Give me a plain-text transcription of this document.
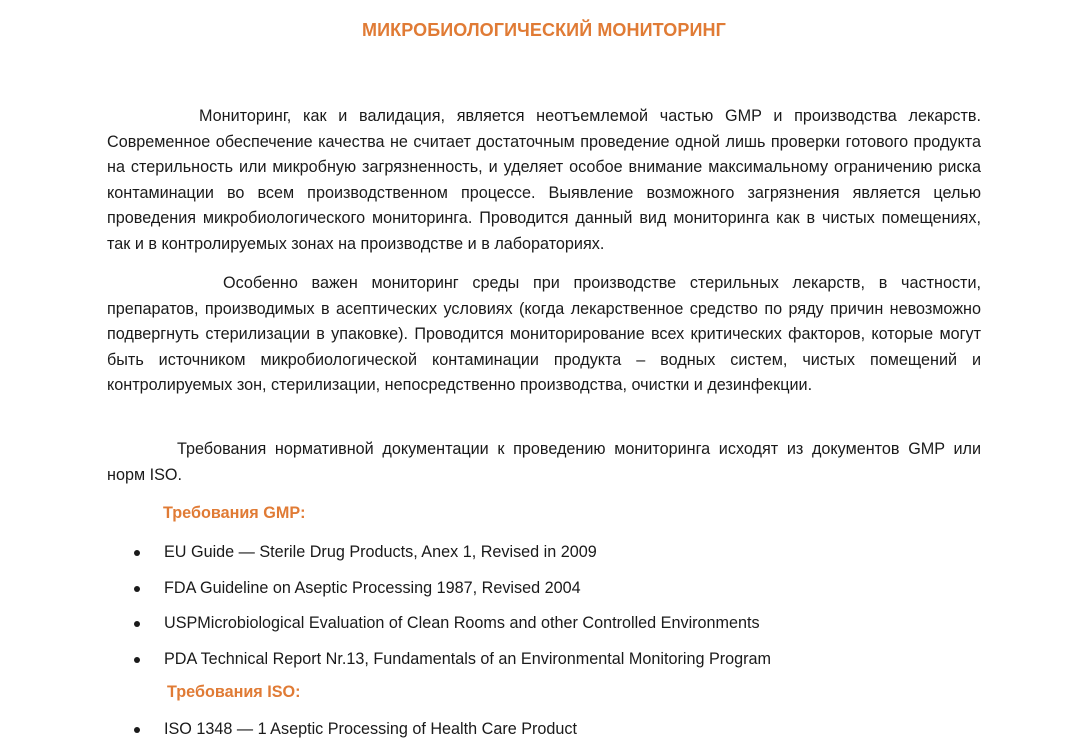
МИКРОБИОЛОГИЧЕСКИЙ МОНИТОРИНГ

Мониторинг, как и валидация, является неотъемлемой частью GMP и производства лекарств. Современное обеспечение качества не считает достаточным проведение одной лишь проверки готового продукта на стерильность или микробную загрязненность, и уделяет особое внимание максимальному ограничению риска контаминации во всем производственном процессе. Выявление возможного загрязнения является целью проведения микробиологического мониторинга. Проводится данный вид мониторинга как в чистых помещениях, так и в контролируемых зонах на производстве и в лабораториях.

Особенно важен мониторинг среды при производстве стерильных лекарств, в частности, препаратов, производимых в асептических условиях (когда лекарственное средство по ряду причин невозможно подвергнуть стерилизации в упаковке). Проводится мониторирование всех критических факторов, которые могут быть источником микробиологической контаминации продукта – водных систем, чистых помещений и контролируемых зон, стерилизации, непосредственно производства, очистки и дезинфекции.

Требования нормативной документации к проведению мониторинга исходят из документов GMP или норм ISO.

Требования GMP:
EU Guide — Sterile Drug Products, Anex 1, Revised in 2009
FDA Guideline on Aseptic Processing 1987, Revised 2004
USPMicrobiological Evaluation of Clean Rooms and other Controlled Environments
PDA Technical Report Nr.13, Fundamentals of an Environmental Monitoring Program
Требования ISO:
ISO 1348 — 1 Aseptic Processing of Health Care Product
